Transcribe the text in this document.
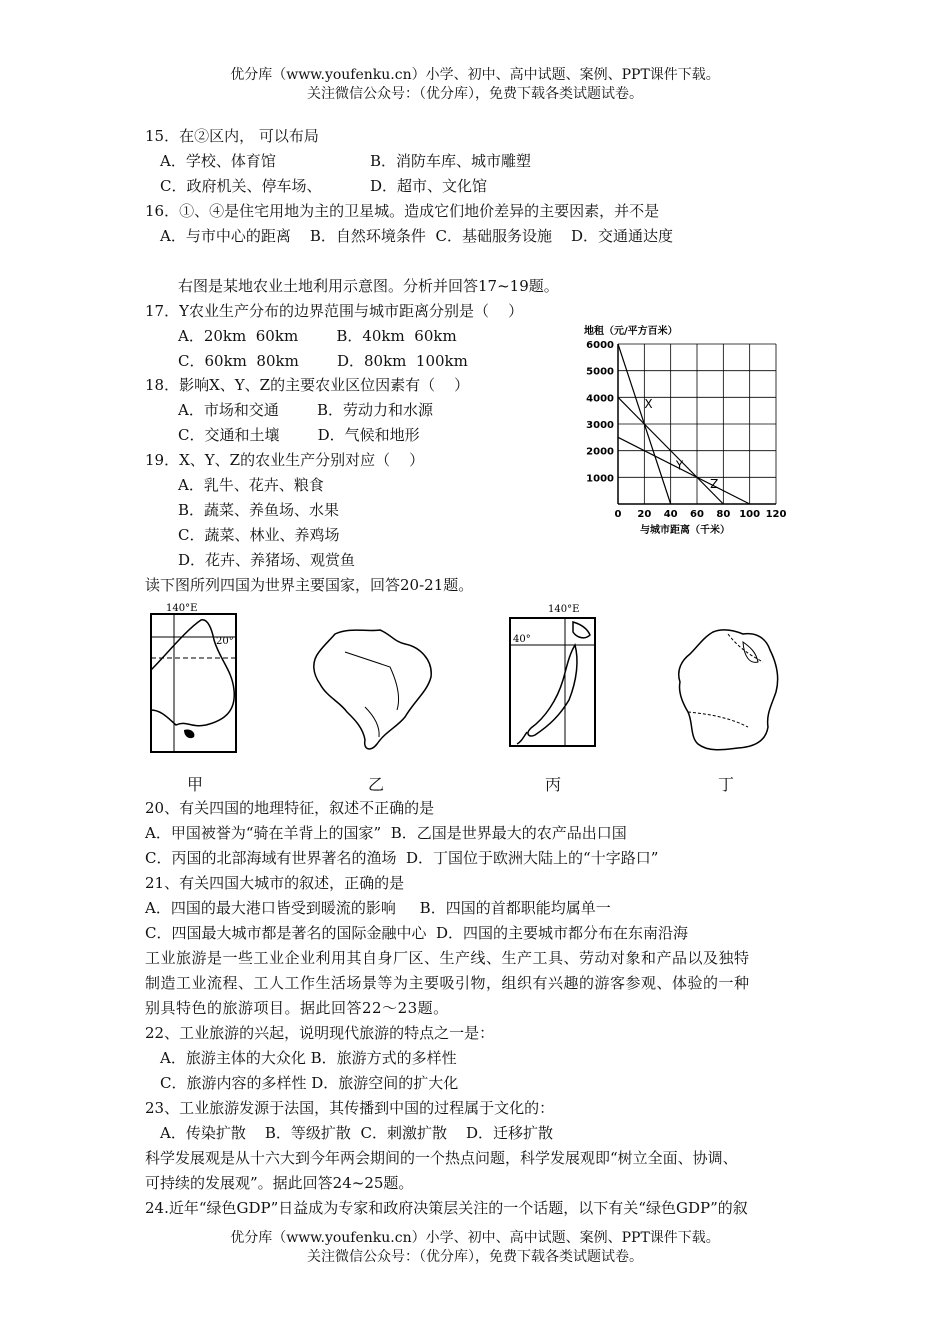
优分库（www.youfenku.cn）小学、初中、高中试题、案例、PPT课件下载。
关注微信公众号：（优分库），免费下载各类试题试卷。
15．在②区内， 可以布局
A．学校、体育馆	B．消防车库、城市雕塑
C．政府机关、停车场、	D．超市、文化馆
16．①、④是住宅用地为主的卫星城。造成它们地价差异的主要因素，并不是
A．与市中心的距离    B．自然环境条件  C．基础服务设施    D．交通通达度
右图是某地农业土地利用示意图。分析并回答17~19题。
17．Y农业生产分布的边界范围与城市距离分别是（    ）
A．20km  60km        B．40km  60km
C．60km  80km        D．80km  100km
18．影响X、Y、Z的主要农业区位因素有（    ）
A．市场和交通        B．劳动力和水源
C．交通和土壤        D．气候和地形
19．X、Y、Z的农业生产分别对应（    ）
A．乳牛、花卉、粮食
B．蔬菜、养鱼场、水果
C．蔬菜、林业、养鸡场
D．花卉、养猪场、观赏鱼
地租（元/平方百米）
X
Y
Z
0 20 40 60 80 100 120
1000
2000
3000
4000
5000
6000
与城市距离（千米）
读下图所列四国为世界主要国家，回答20-21题。
140°E
20°
140°E
40°
甲	乙	丙	丁
20、有关四国的地理特征，叙述不正确的是
A．甲国被誉为“骑在羊背上的国家”  B．乙国是世界最大的农产品出口国
C．丙国的北部海域有世界著名的渔场  D．丁国位于欧洲大陆上的“十字路口”
21、有关四国大城市的叙述，正确的是
A．四国的最大港口皆受到暖流的影响     B．四国的首都职能均属单一
C．四国最大城市都是著名的国际金融中心  D．四国的主要城市都分布在东南沿海
工业旅游是一些工业企业利用其自身厂区、生产线、生产工具、劳动对象和产品以及独特
制造工业流程、工人工作生活场景等为主要吸引物，组织有兴趣的游客参观、体验的一种
别具特色的旅游项目。据此回答22～23题。
22、工业旅游的兴起，说明现代旅游的特点之一是：
A．旅游主体的大众化 B．旅游方式的多样性
C．旅游内容的多样性 D．旅游空间的扩大化
23、工业旅游发源于法国，其传播到中国的过程属于文化的：
A．传染扩散    B．等级扩散  C．刺激扩散    D．迁移扩散
科学发展观是从十六大到今年两会期间的一个热点问题，科学发展观即“树立全面、协调、
可持续的发展观”。据此回答24~25题。
24.近年“绿色GDP”日益成为专家和政府决策层关注的一个话题，以下有关“绿色GDP”的叙
优分库（www.youfenku.cn）小学、初中、高中试题、案例、PPT课件下载。
关注微信公众号：（优分库），免费下载各类试题试卷。
